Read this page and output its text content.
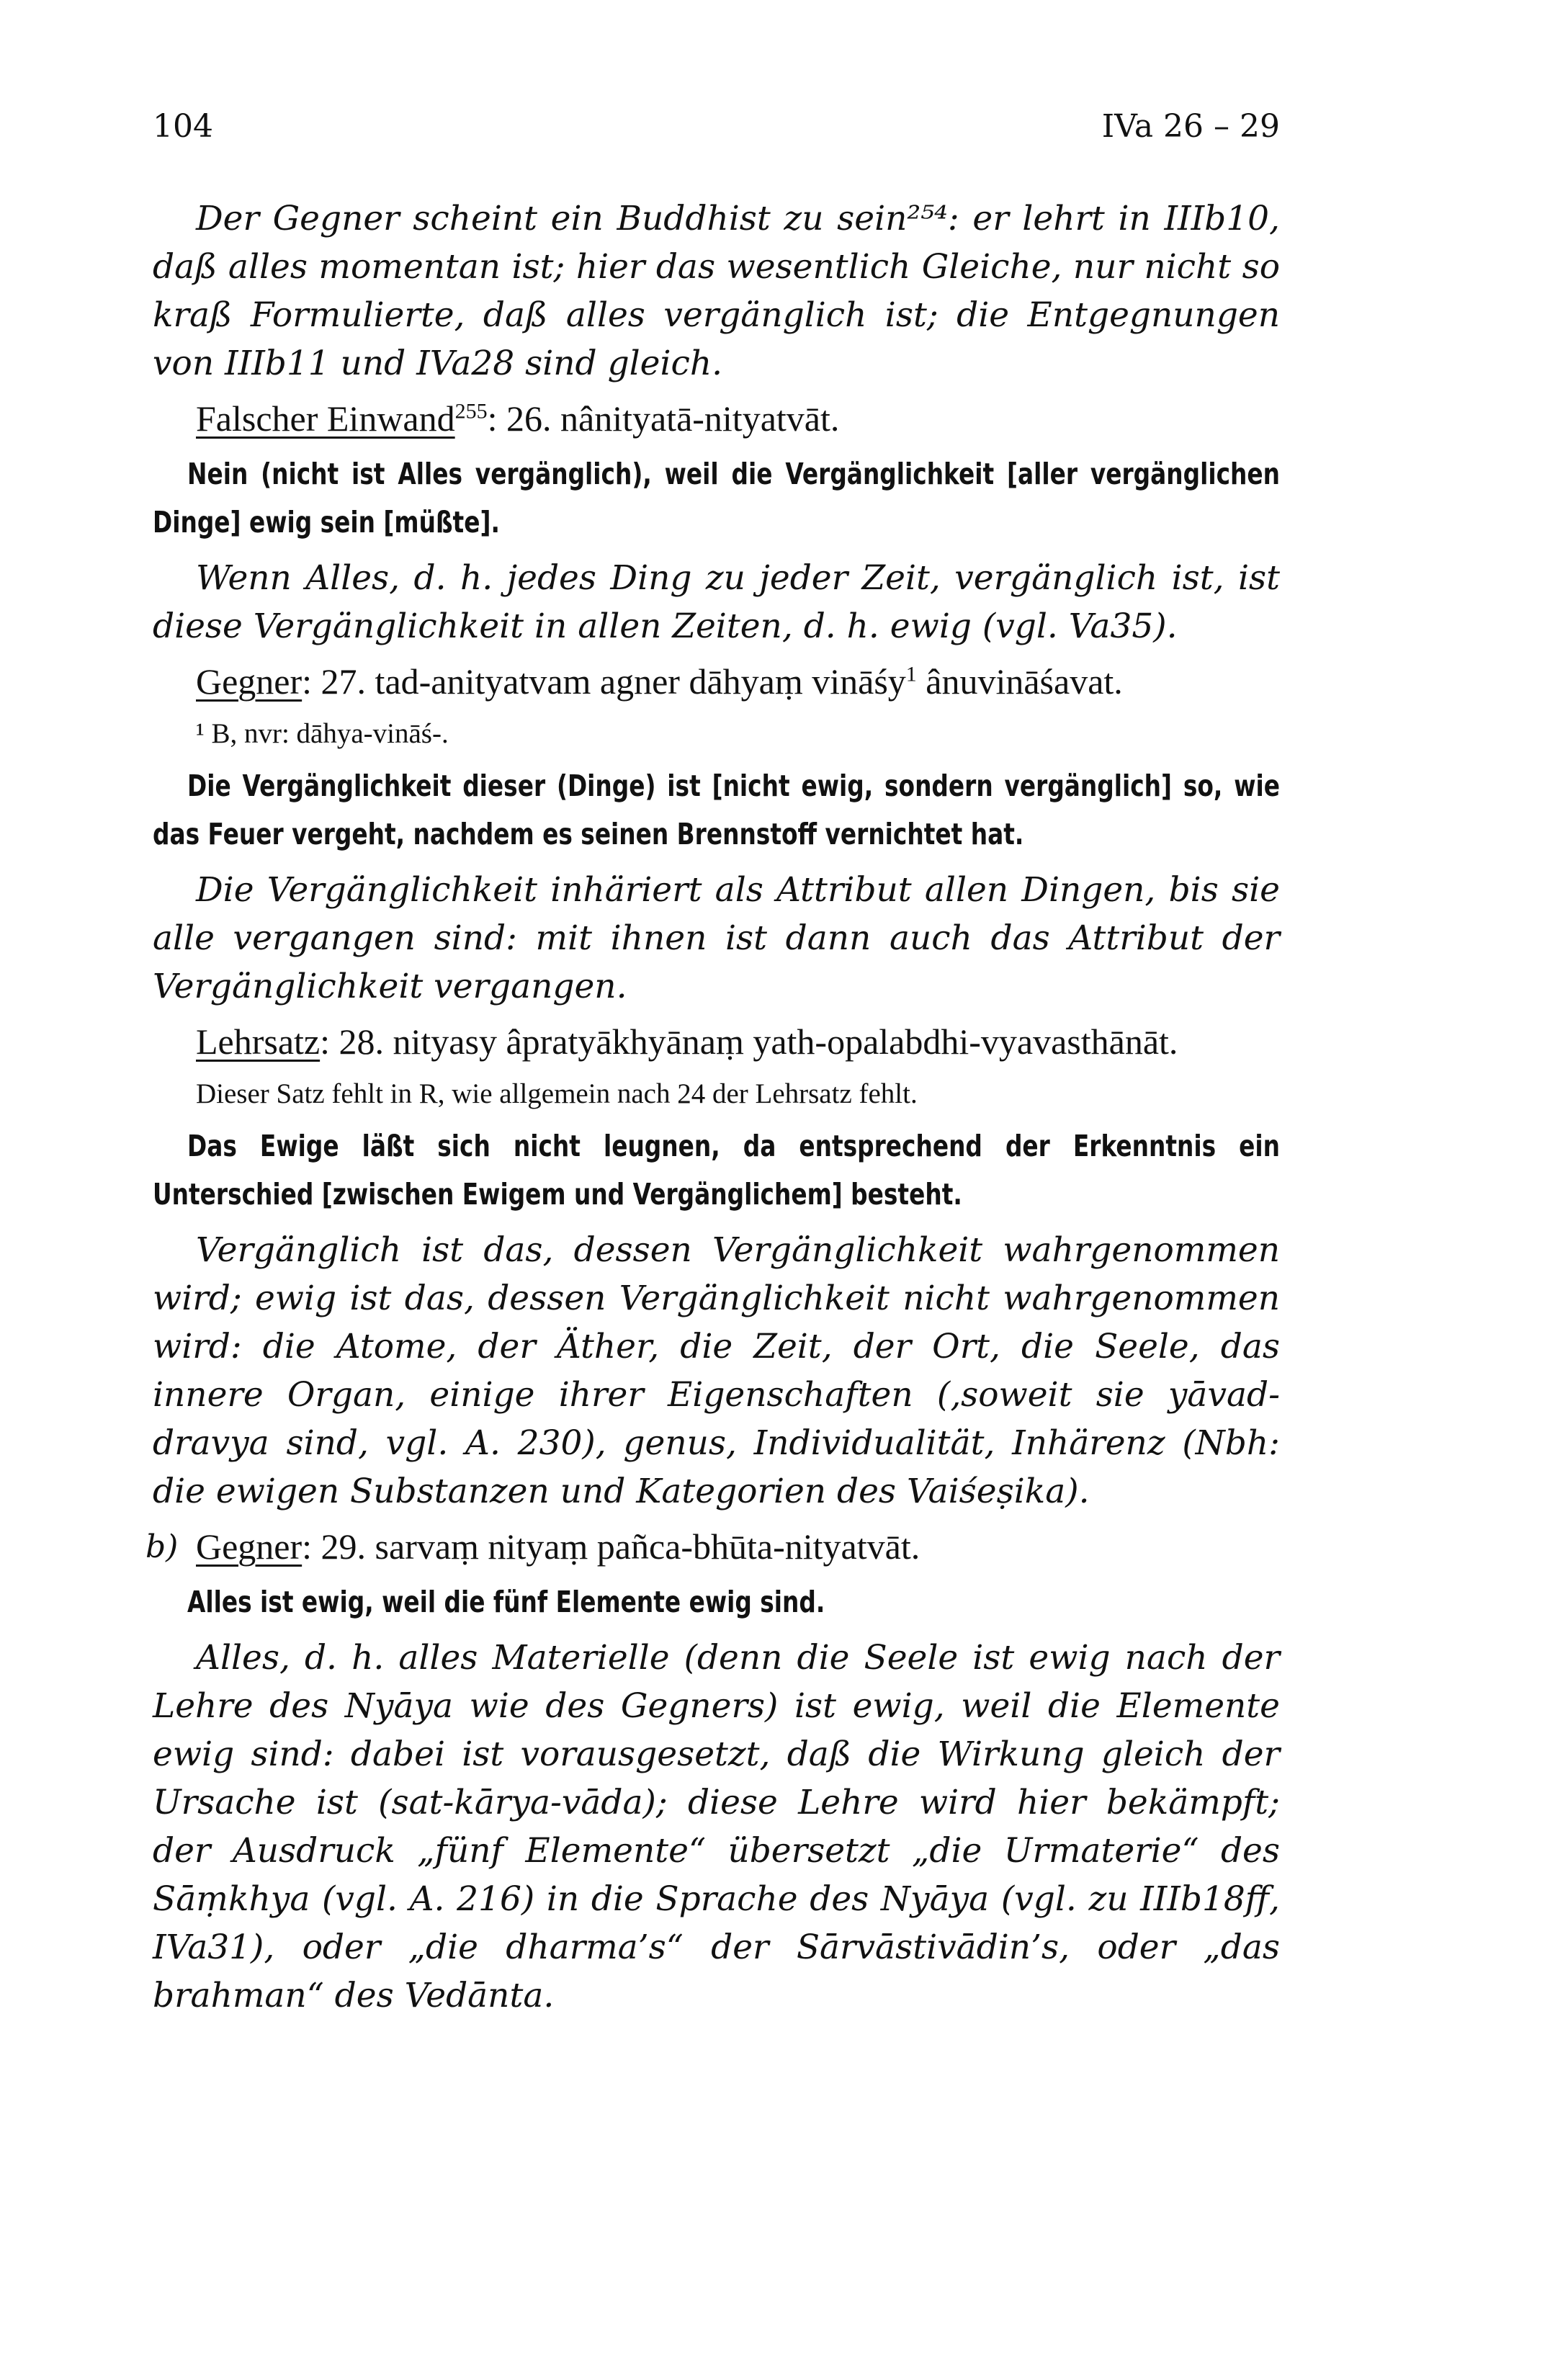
104	IVa 26 – 29

Der Gegner scheint ein Buddhist zu sein²⁵⁴: er lehrt in IIIb10, daß alles momentan ist; hier das wesentlich Gleiche, nur nicht so kraß Formulierte, daß alles vergänglich ist; die Entgegnungen von IIIb11 und IVa28 sind gleich.

Falscher Einwand$^{255}$: 26. nânityatā-nityatvāt.

Nein (nicht ist Alles vergänglich), weil die Vergänglichkeit [aller vergänglichen Dinge] ewig sein [müßte].

Wenn Alles, d. h. jedes Ding zu jeder Zeit, vergänglich ist, ist diese Vergänglichkeit in allen Zeiten, d. h. ewig (vgl. Va35).

Gegner: 27. tad-anityatvam agner dāhyaṃ vināśy$^1$ ânuvināśavat.

¹ B, nvr: dāhya-vināś-.

Die Vergänglichkeit dieser (Dinge) ist [nicht ewig, sondern vergänglich] so, wie das Feuer vergeht, nachdem es seinen Brennstoff vernichtet hat.

Die Vergänglichkeit inhäriert als Attribut allen Dingen, bis sie alle vergangen sind: mit ihnen ist dann auch das Attribut der Vergänglichkeit vergangen.

Lehrsatz: 28. nityasy âpratyākhyānaṃ yath-opalabdhi-vyavasthānāt.

Dieser Satz fehlt in R, wie allgemein nach 24 der Lehrsatz fehlt.

Das Ewige läßt sich nicht leugnen, da entsprechend der Erkenntnis ein Unterschied [zwischen Ewigem und Vergänglichem] besteht.

Vergänglich ist das, dessen Vergänglichkeit wahrgenommen wird; ewig ist das, dessen Vergänglichkeit nicht wahrgenommen wird: die Atome, der Äther, die Zeit, der Ort, die Seele, das innere Organ, einige ihrer Eigenschaften (‚soweit sie yāvad-dravya sind, vgl. A. 230), genus, Individualität, Inhärenz (Nbh: die ewigen Substanzen und Kategorien des Vaiśeṣika).

b) Gegner: 29. sarvaṃ nityaṃ pañca-bhūta-nityatvāt.

Alles ist ewig, weil die fünf Elemente ewig sind.

Alles, d. h. alles Materielle (denn die Seele ist ewig nach der Lehre des Nyāya wie des Gegners) ist ewig, weil die Elemente ewig sind: dabei ist vorausgesetzt, daß die Wirkung gleich der Ursache ist (sat-kārya-vāda); diese Lehre wird hier bekämpft; der Ausdruck „fünf Elemente“ übersetzt „die Urmaterie“ des Sāṃkhya (vgl. A. 216) in die Sprache des Nyāya (vgl. zu IIIb18ff, IVa31), oder „die dharma’s“ der Sārvāstivādin’s, oder „das brahman“ des Vedānta.
